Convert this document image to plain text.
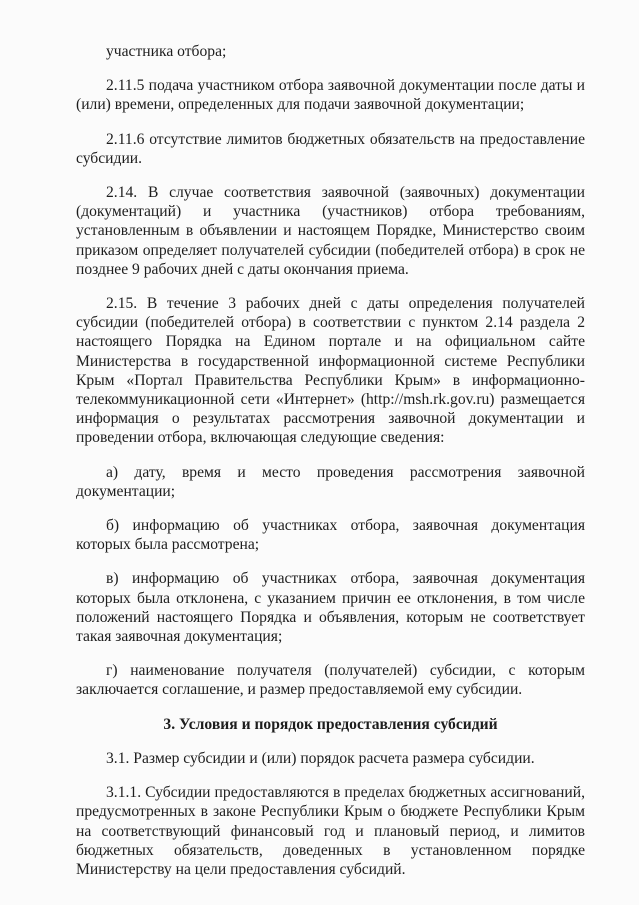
участника отбора;

2.11.5 подача участником отбора заявочной документации после даты и (или) времени, определенных для подачи заявочной документации;

2.11.6 отсутствие лимитов бюджетных обязательств на предоставление субсидии.

2.14. В случае соответствия заявочной (заявочных) документации (документаций) и участника (участников) отбора требованиям, установленным в объявлении и настоящем Порядке, Министерство своим приказом определяет получателей субсидии (победителей отбора) в срок не позднее 9 рабочих дней с даты окончания приема.

2.15. В течение 3 рабочих дней с даты определения получателей субсидии (победителей отбора) в соответствии с пунктом 2.14 раздела 2 настоящего Порядка на Едином портале и на официальном сайте Министерства в государственной информационной системе Республики Крым «Портал Правительства Республики Крым» в информационно-телекоммуникационной сети «Интернет» (http://msh.rk.gov.ru) размещается информация о результатах рассмотрения заявочной документации и проведении отбора, включающая следующие сведения:

а) дату, время и место проведения рассмотрения заявочной документации;

б) информацию об участниках отбора, заявочная документация которых была рассмотрена;

в) информацию об участниках отбора, заявочная документация которых была отклонена, с указанием причин ее отклонения, в том числе положений настоящего Порядка и объявления, которым не соответствует такая заявочная документация;

г) наименование получателя (получателей) субсидии, с которым заключается соглашение, и размер предоставляемой ему субсидии.

3. Условия и порядок предоставления субсидий

3.1. Размер субсидии и (или) порядок расчета размера субсидии.

3.1.1. Субсидии предоставляются в пределах бюджетных ассигнований, предусмотренных в законе Республики Крым о бюджете Республики Крым на соответствующий финансовый год и плановый период, и лимитов бюджетных обязательств, доведенных в установленном порядке Министерству на цели предоставления субсидий.
